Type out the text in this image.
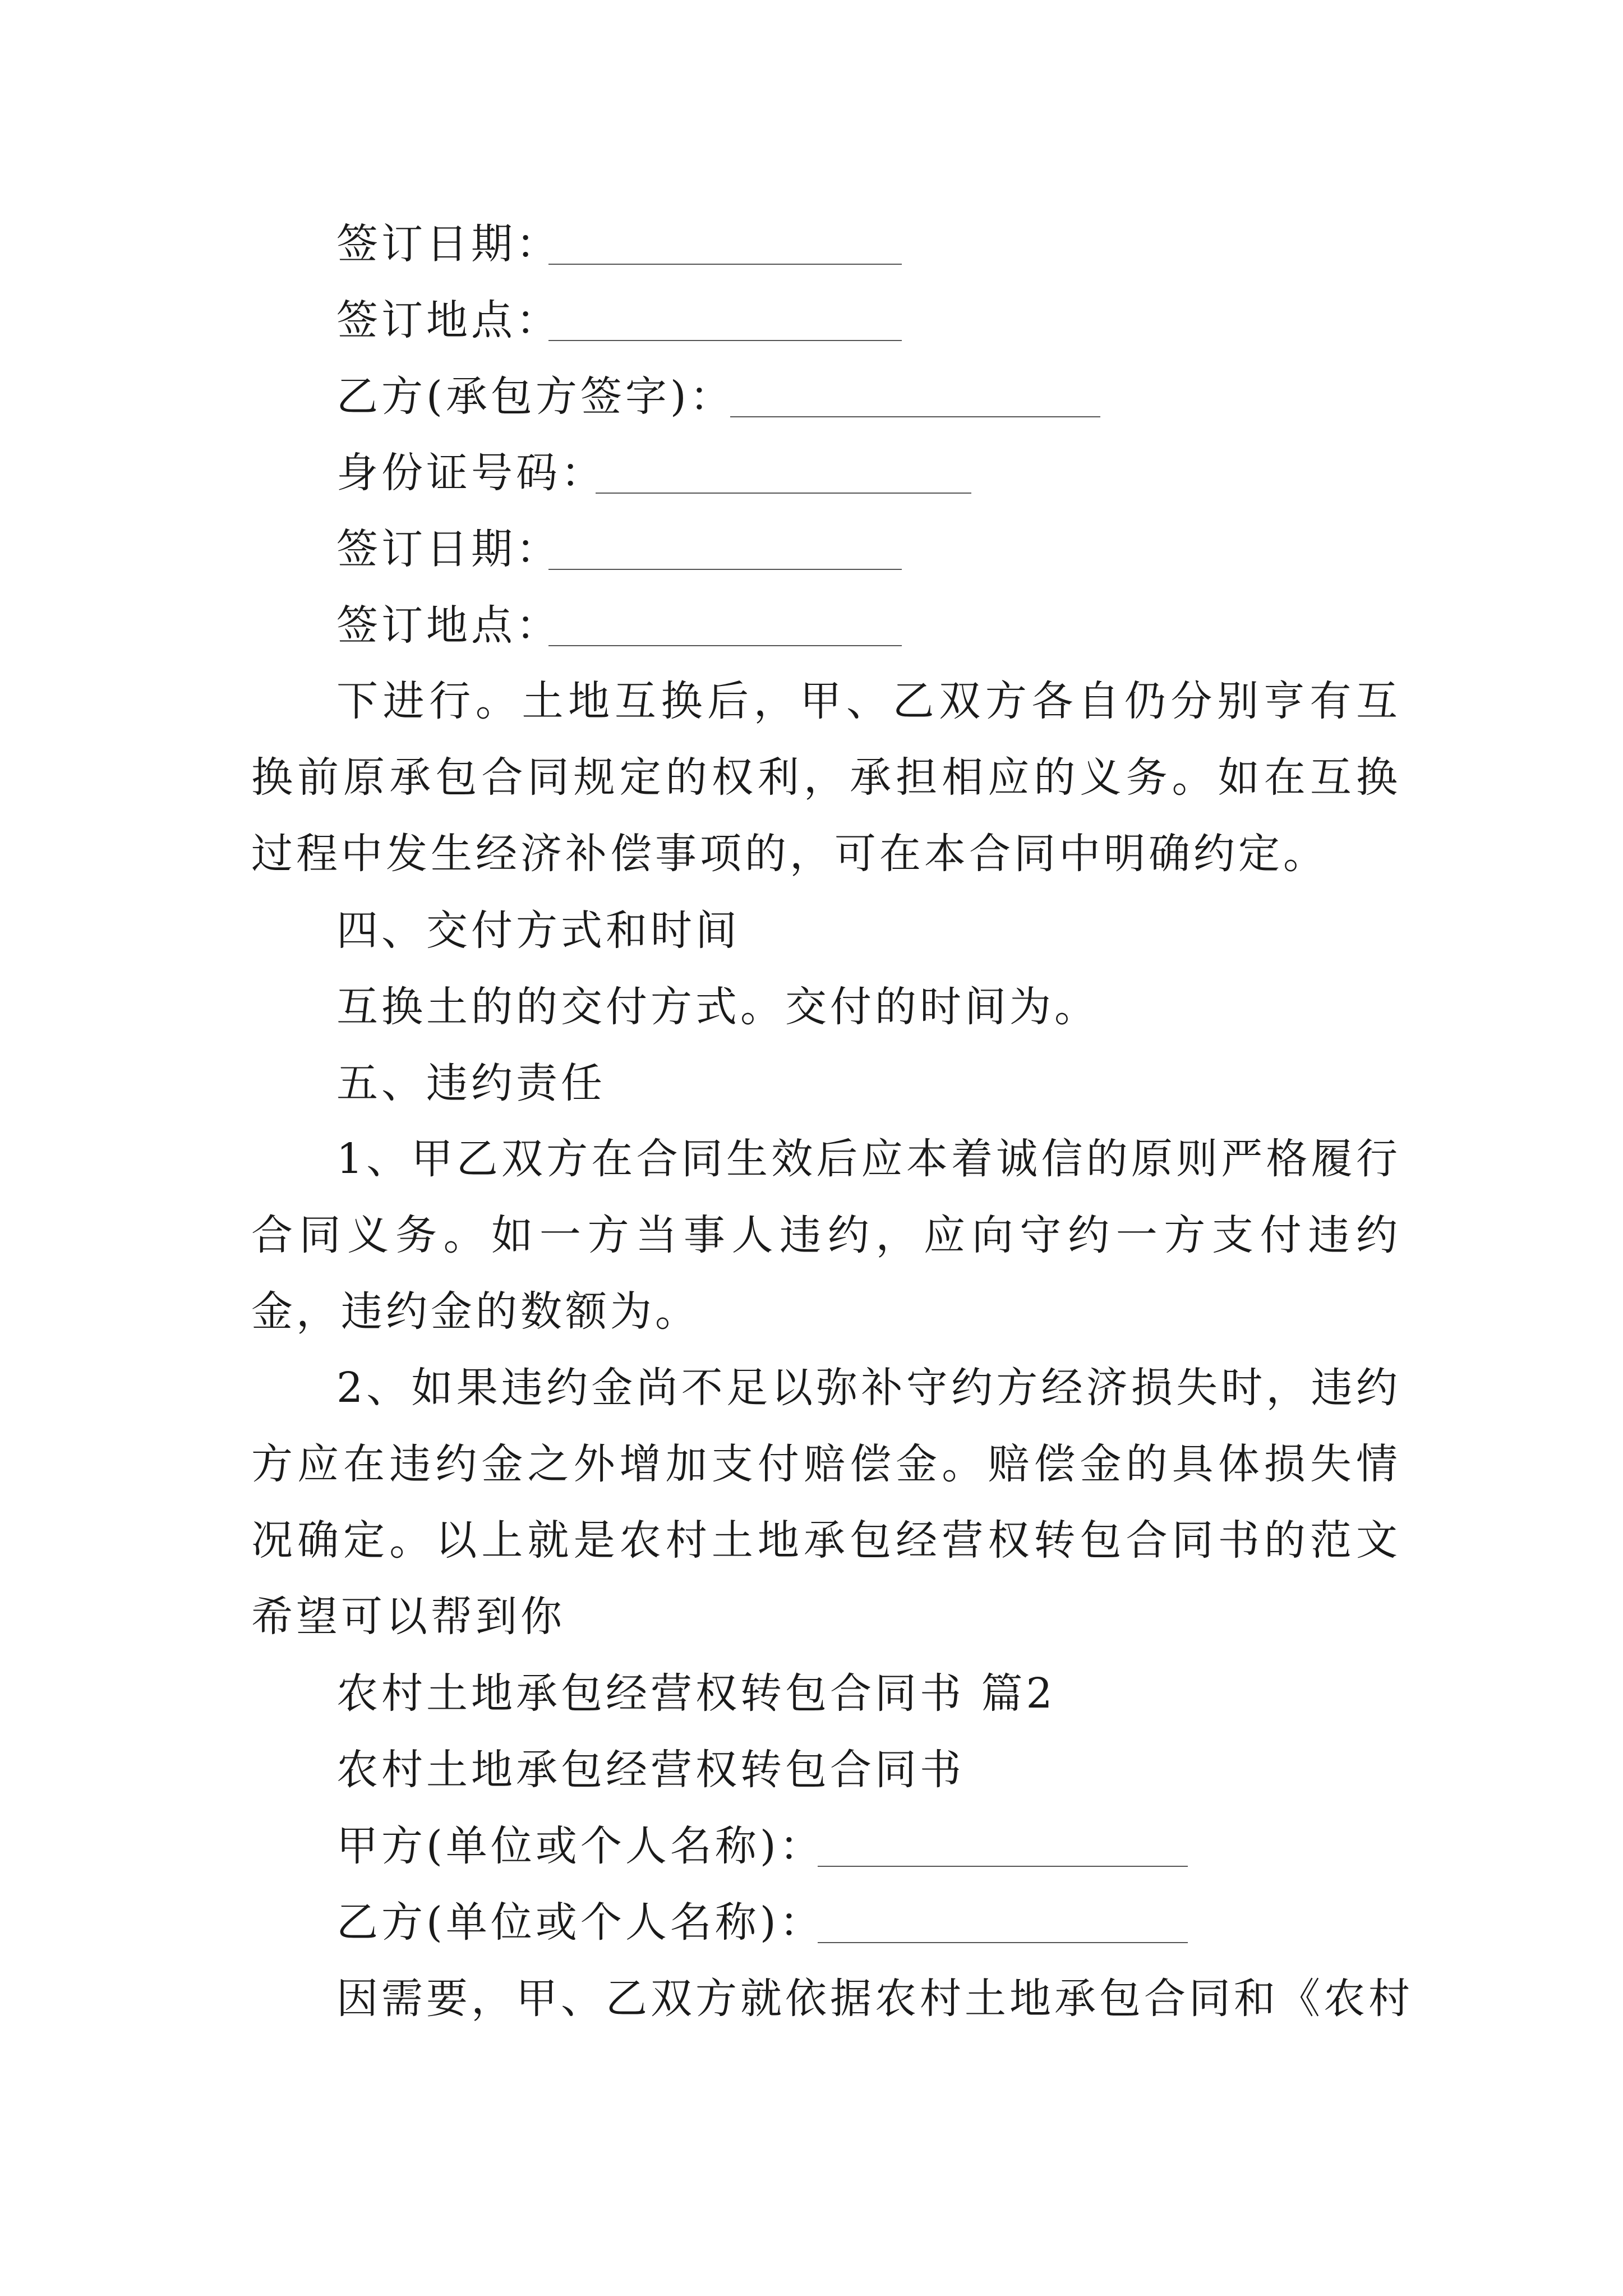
签订日期：
签订地点：
乙方(承包方签字)：
身份证号码：
签订日期：
签订地点：
下进行。土地互换后，甲、乙双方各自仍分别亨有互换前原承包合同规定的权利，承担相应的义务。如在互换过程中发生经济补偿事项的，可在本合同中明确约定。
四、交付方式和时间
互换土的的交付方式。交付的时间为。
五、违约责任
1、甲乙双方在合同生效后应本着诚信的原则严格履行合同义务。如一方当事人违约，应向守约一方支付违约金，违约金的数额为。
2、如果违约金尚不足以弥补守约方经济损失时，违约方应在违约金之外增加支付赔偿金。赔偿金的具体损失情况确定。以上就是农村土地承包经营权转包合同书的范文希望可以帮到你
农村土地承包经营权转包合同书 篇2
农村土地承包经营权转包合同书
甲方(单位或个人名称)：
乙方(单位或个人名称)：
因需要，甲、乙双方就依据农村土地承包合同和《农村
